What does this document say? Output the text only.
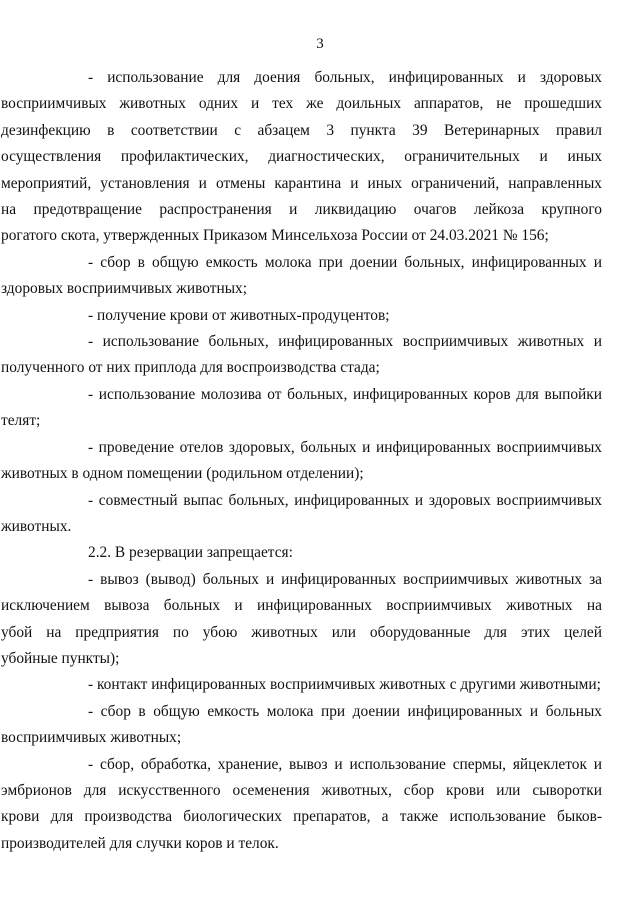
3
- использование для доения больных, инфицированных и здоровых
восприимчивых животных одних и тех же доильных аппаратов, не прошедших
дезинфекцию в соответствии с абзацем 3 пункта 39 Ветеринарных правил
осуществления профилактических, диагностических, ограничительных и иных
мероприятий, установления и отмены карантина и иных ограничений, направленных
на предотвращение распространения и ликвидацию очагов лейкоза крупного
рогатого скота, утвержденных Приказом Минсельхоза России от 24.03.2021 № 156;
- сбор в общую емкость молока при доении больных, инфицированных и
здоровых восприимчивых животных;
- получение крови от животных-продуцентов;
- использование больных, инфицированных восприимчивых животных и
полученного от них приплода для воспроизводства стада;
- использование молозива от больных, инфицированных коров для выпойки
телят;
- проведение отелов здоровых, больных и инфицированных восприимчивых
животных в одном помещении (родильном отделении);
- совместный выпас больных, инфицированных и здоровых восприимчивых
животных.
2.2. В резервации запрещается:
- вывоз (вывод) больных и инфицированных восприимчивых животных за
исключением вывоза больных и инфицированных восприимчивых животных на
убой на предприятия по убою животных или оборудованные для этих целей
убойные пункты);
- контакт инфицированных восприимчивых животных с другими животными;
- сбор в общую емкость молока при доении инфицированных и больных
восприимчивых животных;
- сбор, обработка, хранение, вывоз и использование спермы, яйцеклеток и
эмбрионов для искусственного осеменения животных, сбор крови или сыворотки
крови для производства биологических препаратов, а также использование быков-
производителей для случки коров и телок.
